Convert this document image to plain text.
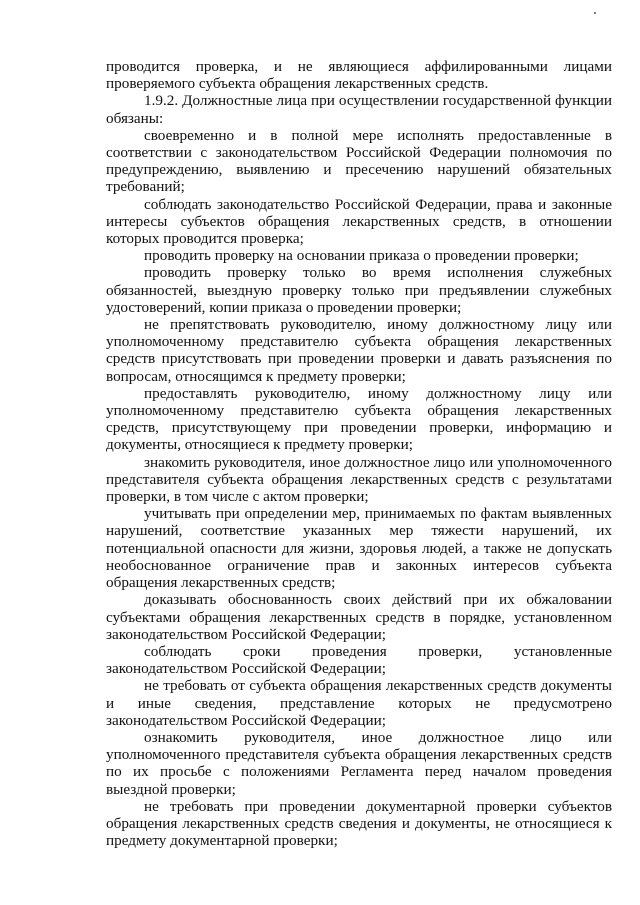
проводится проверка, и не являющиеся аффилированными лицами проверяемого субъекта обращения лекарственных средств.

1.9.2. Должностные лица при осуществлении государственной функции обязаны:

своевременно и в полной мере исполнять предоставленные в соответствии с законодательством Российской Федерации полномочия по предупреждению, выявлению и пресечению нарушений обязательных требований;

соблюдать законодательство Российской Федерации, права и законные интересы субъектов обращения лекарственных средств, в отношении которых проводится проверка;

проводить проверку на основании приказа о проведении проверки;

проводить проверку только во время исполнения служебных обязанностей, выездную проверку только при предъявлении служебных удостоверений, копии приказа о проведении проверки;

не препятствовать руководителю, иному должностному лицу или уполномоченному представителю субъекта обращения лекарственных средств присутствовать при проведении проверки и давать разъяснения по вопросам, относящимся к предмету проверки;

предоставлять руководителю, иному должностному лицу или уполномоченному представителю субъекта обращения лекарственных средств, присутствующему при проведении проверки, информацию и документы, относящиеся к предмету проверки;

знакомить руководителя, иное должностное лицо или уполномоченного представителя субъекта обращения лекарственных средств с результатами проверки, в том числе с актом проверки;

учитывать при определении мер, принимаемых по фактам выявленных нарушений, соответствие указанных мер тяжести нарушений, их потенциальной опасности для жизни, здоровья людей, а также не допускать необоснованное ограничение прав и законных интересов субъекта обращения лекарственных средств;

доказывать обоснованность своих действий при их обжаловании субъектами обращения лекарственных средств в порядке, установленном законодательством Российской Федерации;

соблюдать сроки проведения проверки, установленные законодательством Российской Федерации;

не требовать от субъекта обращения лекарственных средств документы и иные сведения, представление которых не предусмотрено законодательством Российской Федерации;

ознакомить руководителя, иное должностное лицо или уполномоченного представителя субъекта обращения лекарственных средств по их просьбе с положениями Регламента перед началом проведения выездной проверки;

не требовать при проведении документарной проверки субъектов обращения лекарственных средств сведения и документы, не относящиеся к предмету документарной проверки;
